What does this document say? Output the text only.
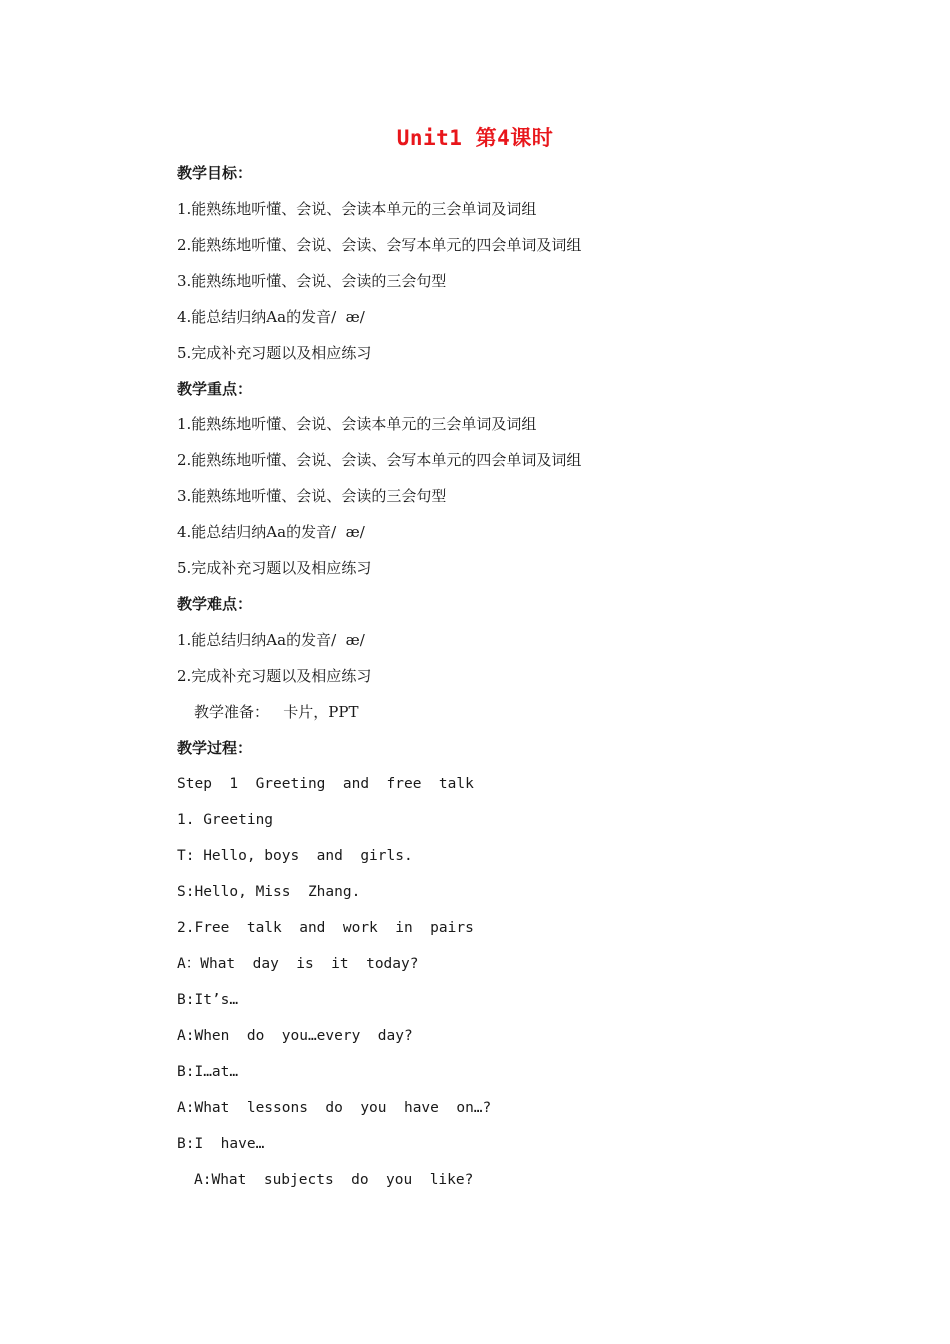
Unit1 第4课时
教学目标：
1.能熟练地听懂、会说、会读本单元的三会单词及词组
2.能熟练地听懂、会说、会读、会写本单元的四会单词及词组
3.能熟练地听懂、会说、会读的三会句型
4.能总结归纳Aa的发音/  æ/
5.完成补充习题以及相应练习
教学重点：
1.能熟练地听懂、会说、会读本单元的三会单词及词组
2.能熟练地听懂、会说、会读、会写本单元的四会单词及词组
3.能熟练地听懂、会说、会读的三会句型
4.能总结归纳Aa的发音/  æ/
5.完成补充习题以及相应练习
教学难点：
1.能总结归纳Aa的发音/  æ/
2.完成补充习题以及相应练习
教学准备：   卡片，PPT
教学过程：
Step  1  Greeting  and  free  talk
1. Greeting
T: Hello, boys  and  girls.
S:Hello, Miss  Zhang.
2.Free  talk  and  work  in  pairs
A：What  day  is  it  today?
B:It’s…
A:When  do  you…every  day?
B:I…at…
A:What  lessons  do  you  have  on…?
B:I  have…
A:What  subjects  do  you  like?
